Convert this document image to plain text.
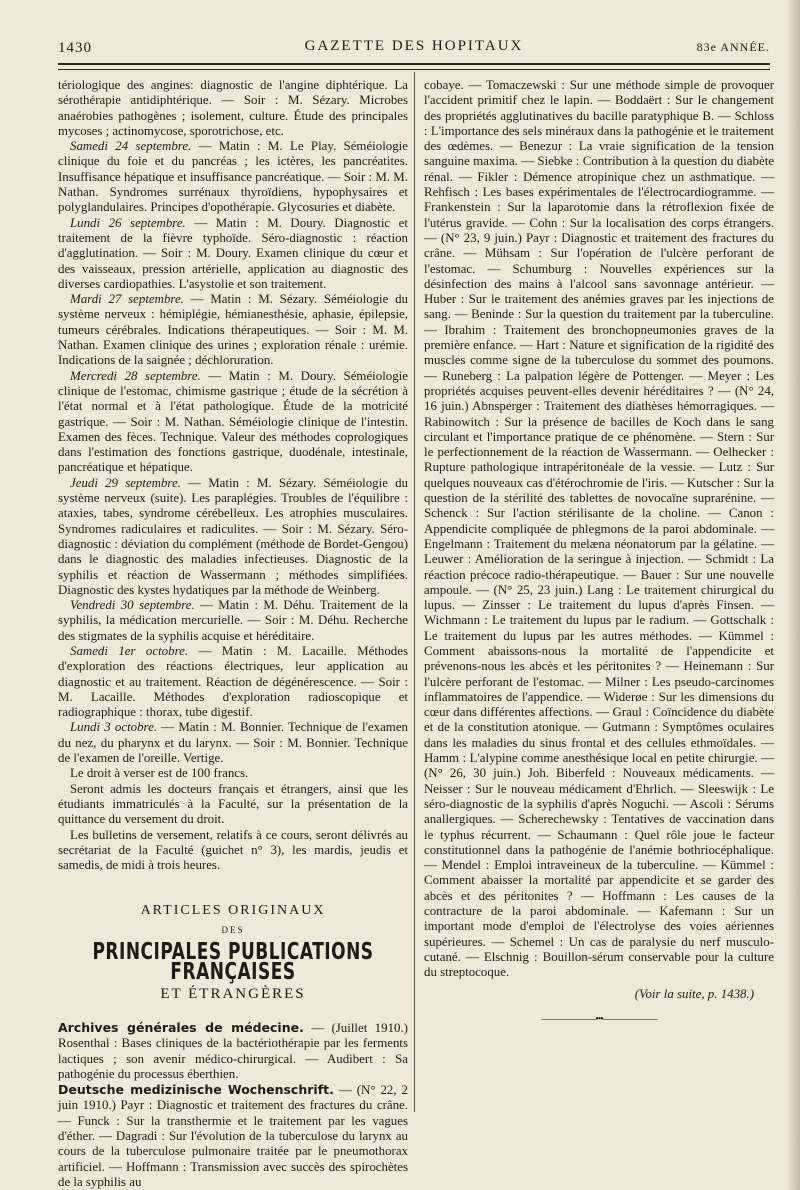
1430	GAZETTE DES HOPITAUX	83e ANNÉE.

tériologique des angines: diagnostic de l'angine diphtérique. La sérothérapie antidiphtérique. — Soir : M. Sézary. Microbes anaérobies pathogènes ; isolement, culture. Étude des principales mycoses ; actinomycose, sporotrichose, etc.

Samedi 24 septembre. — Matin : M. Le Play. Séméiologie clinique du foie et du pancréas ; les ictères, les pancréatites. Insuffisance hépatique et insuffisance pancréatique. — Soir : M. M. Nathan. Syndromes surrénaux thyroïdiens, hypophysaires et polyglandulaires. Principes d'opothérapie. Glycosuries et diabète.

Lundi 26 septembre. — Matin : M. Doury. Diagnostic et traitement de la fièvre typhoïde. Séro-diagnostic : réaction d'agglutination. — Soir : M. Doury. Examen clinique du cœur et des vaisseaux, pression artérielle, application au diagnostic des diverses cardiopathies. L'asystolie et son traitement.

Mardi 27 septembre. — Matin : M. Sézary. Séméiologie du système nerveux : hémiplégie, hémianesthésie, aphasie, épilepsie, tumeurs cérébrales. Indications thérapeutiques. — Soir : M. M. Nathan. Examen clinique des urines ; exploration rénale : urémie. Indications de la saignée ; déchloruration.

Mercredi 28 septembre. — Matin : M. Doury. Séméiologie clinique de l'estomac, chimisme gastrique ; étude de la sécrétion à l'état normal et à l'état pathologique. Étude de la motricité gastrique. — Soir : M. Nathan. Séméiologie clinique de l'intestin. Examen des fèces. Technique. Valeur des méthodes coprologiques dans l'estimation des fonctions gastrique, duodénale, intestinale, pancréatique et hépatique.

Jeudi 29 septembre. — Matin : M. Sézary. Séméiologie du système nerveux (suite). Les paraplégies. Troubles de l'équilibre : ataxies, tabes, syndrome cérébelleux. Les atrophies musculaires. Syndromes radiculaires et radiculites. — Soir : M. Sézary. Séro-diagnostic : déviation du complément (méthode de Bordet-Gengou) dans le diagnostic des maladies infectieuses. Diagnostic de la syphilis et réaction de Wassermann ; méthodes simplifiées. Diagnostic des kystes hydatiques par la méthode de Weinberg.

Vendredi 30 septembre. — Matin : M. Déhu. Traitement de la syphilis, la médication mercurielle. — Soir : M. Déhu. Recherche des stigmates de la syphilis acquise et héréditaire.

Samedi 1er octobre. — Matin : M. Lacaille. Méthodes d'exploration des réactions électriques, leur application au diagnostic et au traitement. Réaction de dégénérescence. — Soir : M. Lacaille. Méthodes d'exploration radioscopique et radiographique : thorax, tube digestif.

Lundi 3 octobre. — Matin : M. Bonnier. Technique de l'examen du nez, du pharynx et du larynx. — Soir : M. Bonnier. Technique de l'examen de l'oreille. Vertige.

Le droit à verser est de 100 francs.

Seront admis les docteurs français et étrangers, ainsi que les étudiants immatriculés à la Faculté, sur la présentation de la quittance du versement du droit.

Les bulletins de versement, relatifs à ce cours, seront délivrés au secrétariat de la Faculté (guichet n° 3), les mardis, jeudis et samedis, de midi à trois heures.

ARTICLES ORIGINAUX
DES
PRINCIPALES PUBLICATIONS FRANÇAISES
ET ÉTRANGÈRES

Archives générales de médecine. — (Juillet 1910.) Rosenthal : Bases cliniques de la bactériothérapie par les ferments lactiques ; son avenir médico-chirurgical. — Audibert : Sa pathogénie du processus éberthien.

Deutsche medizinische Wochenschrift. — (N° 22, 2 juin 1910.) Payr : Diagnostic et traitement des fractures du crâne. — Funck : Sur la transthermie et le traitement par les vagues d'éther. — Dagradi : Sur l'évolution de la tuberculose du larynx au cours de la tuberculose pulmonaire traitée par le pneumothorax artificiel. — Hoffmann : Transmission avec succès des spirochètes de la syphilis au

cobaye. — Tomaczewski : Sur une méthode simple de provoquer l'accident primitif chez le lapin. — Boddaërt : Sur le changement des propriétés agglutinatives du bacille paratyphique B. — Schloss : L'importance des sels minéraux dans la pathogénie et le traitement des œdèmes. — Benezur : La vraie signification de la tension sanguine maxima. — Siebke : Contribution à la question du diabète rénal. — Fikler : Démence atropinique chez un asthmatique. — Rehfisch : Les bases expérimentales de l'électrocardiogramme. — Frankenstein : Sur la laparotomie dans la rétroflexion fixée de l'utérus gravide. — Cohn : Sur la localisation des corps étrangers. — (N° 23, 9 juin.) Payr : Diagnostic et traitement des fractures du crâne. — Mühsam : Sur l'opération de l'ulcère perforant de l'estomac. — Schumburg : Nouvelles expériences sur la désinfection des mains à l'alcool sans savonnage antérieur. — Huber : Sur le traitement des anémies graves par les injections de sang. — Beninde : Sur la question du traitement par la tuberculine. — Ibrahim : Traitement des bronchopneumonies graves de la première enfance. — Hart : Nature et signification de la rigidité des muscles comme signe de la tuberculose du sommet des poumons. — Runeberg : La palpation légère de Pottenger. — Meyer : Les propriétés acquises peuvent-elles devenir héréditaires ? — (N° 24, 16 juin.) Abnsperger : Traitement des diathèses hémorragiques. — Rabinowitch : Sur la présence de bacilles de Koch dans le sang circulant et l'importance pratique de ce phénomène. — Stern : Sur le perfectionnement de la réaction de Wassermann. — Oelhecker : Rupture pathologique intrapéritonéale de la vessie. — Lutz : Sur quelques nouveaux cas d'étérochromie de l'iris. — Kutscher : Sur la question de la stérilité des tablettes de novocaïne suprarénine. — Schenck : Sur l'action stérilisante de la choline. — Canon : Appendicite compliquée de phlegmons de la paroi abdominale. — Engelmann : Traitement du melæna néonatorum par la gélatine. — Leuwer : Amélioration de la seringue à injection. — Schmidt : La réaction précoce radio-thérapeutique. — Bauer : Sur une nouvelle ampoule. — (N° 25, 23 juin.) Lang : Le traitement chirurgical du lupus. — Zinsser : Le traitement du lupus d'après Finsen. — Wichmann : Le traitement du lupus par le radium. — Gottschalk : Le traitement du lupus par les autres méthodes. — Kümmel : Comment abaissons-nous la mortalité de l'appendicite et prévenons-nous les abcès et les péritonites ? — Heinemann : Sur l'ulcère perforant de l'estomac. — Milner : Les pseudo-carcinomes inflammatoires de l'appendice. — Widerøe : Sur les dimensions du cœur dans différentes affections. — Graul : Coïncidence du diabète et de la constitution atonique. — Gutmann : Symptômes oculaires dans les maladies du sinus frontal et des cellules ethmoïdales. — Hamm : L'alypine comme anesthésique local en petite chirurgie. — (N° 26, 30 juin.) Joh. Biberfeld : Nouveaux médicaments. — Neisser : Sur le nouveau médicament d'Ehrlich. — Sleeswijk : Le séro-diagnostic de la syphilis d'après Noguchi. — Ascoli : Sérums anallergiques. — Scherechewsky : Tentatives de vaccination dans le typhus récurrent. — Schaumann : Quel rôle joue le facteur constitutionnel dans la pathogénie de l'anémie bothriocéphalique. — Mendel : Emploi intraveineux de la tuberculine. — Kümmel : Comment abaisser la mortalité par appendicite et se garder des abcès et des péritonites ? — Hoffmann : Les causes de la contracture de la paroi abdominale. — Kafemann : Sur un important mode d'emploi de l'électrolyse des voies aériennes supérieures. — Schemel : Un cas de paralysie du nerf musculo-cutané. — Elschnig : Bouillon-sérum conservable pour la culture du streptocoque.

(Voir la suite, p. 1438.)
——————•••——————
